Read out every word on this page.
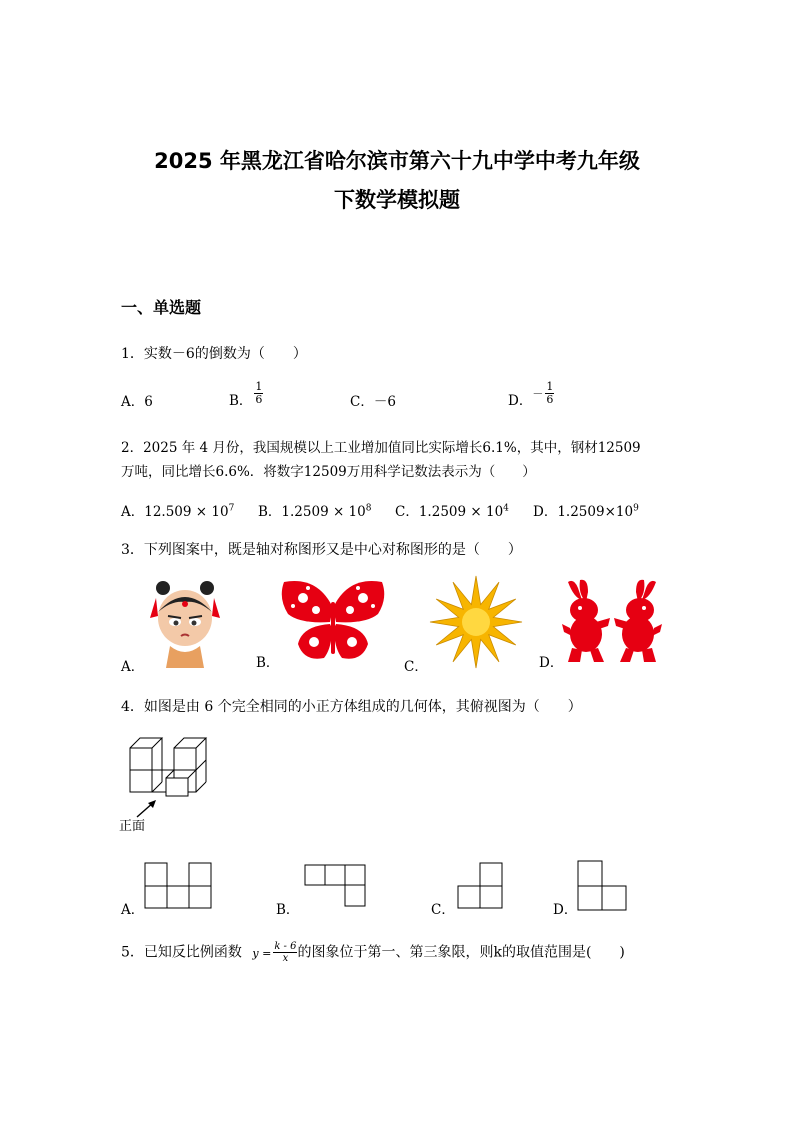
2025 年黑龙江省哈尔滨市第六十九中学中考九年级
下数学模拟题
一、单选题
1．实数－6的倒数为（　　）
A．6	B． $\frac{1}{6}$	C．－6	D．－ $\frac{1}{6}$
2．2025 年 4 月份，我国规模以上工业增加值同比实际增长6.1%，其中，钢材12509
万吨，同比增长6.6%．将数字12509万用科学记数法表示为（　　）
A．$12.509 \times 10^7$ B．$1.2509 \times 10^8$ C．$1.2509 \times 10^4$ D．$1.2509\times 10^9$
3．下列图案中，既是轴对称图形又是中心对称图形的是（　　）
A．	B．	C．	D．
4．如图是由 6 个完全相同的小正方体组成的几何体，其俯视图为（　　）
正面
A．	B．	C．	D．
5．已知反比例函数 $y = \frac{k - 6}{x}$ 的图象位于第一、第三象限，则k的取值范围是(　　)
